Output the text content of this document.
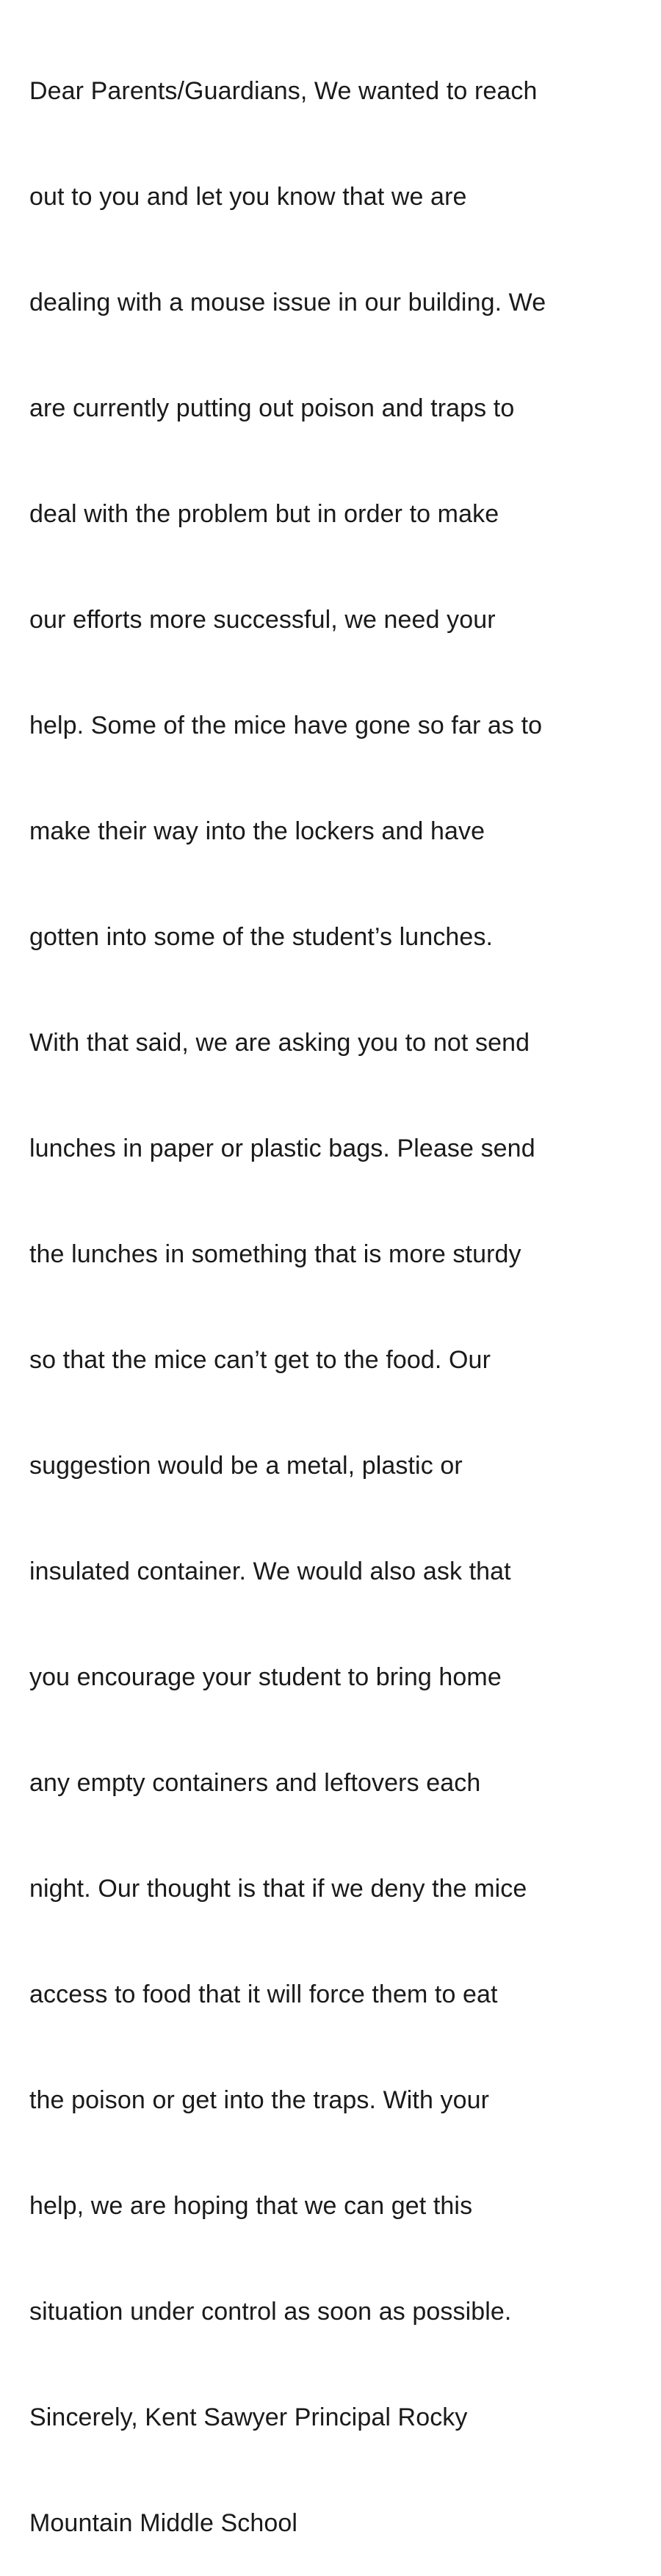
Dear Parents/Guardians, We wanted to reach

out to you and let you know that we are

dealing with a mouse issue in our building. We

are currently putting out poison and traps to

deal with the problem but in order to make

our efforts more successful, we need your

help. Some of the mice have gone so far as to

make their way into the lockers and have

gotten into some of the student’s lunches.

With that said, we are asking you to not send

lunches in paper or plastic bags. Please send

the lunches in something that is more sturdy

so that the mice can’t get to the food. Our

suggestion would be a metal, plastic or

insulated container. We would also ask that

you encourage your student to bring home

any empty containers and leftovers each

night. Our thought is that if we deny the mice

access to food that it will force them to eat

the poison or get into the traps. With your

help, we are hoping that we can get this

situation under control as soon as possible.

Sincerely, Kent Sawyer Principal Rocky

Mountain Middle School
